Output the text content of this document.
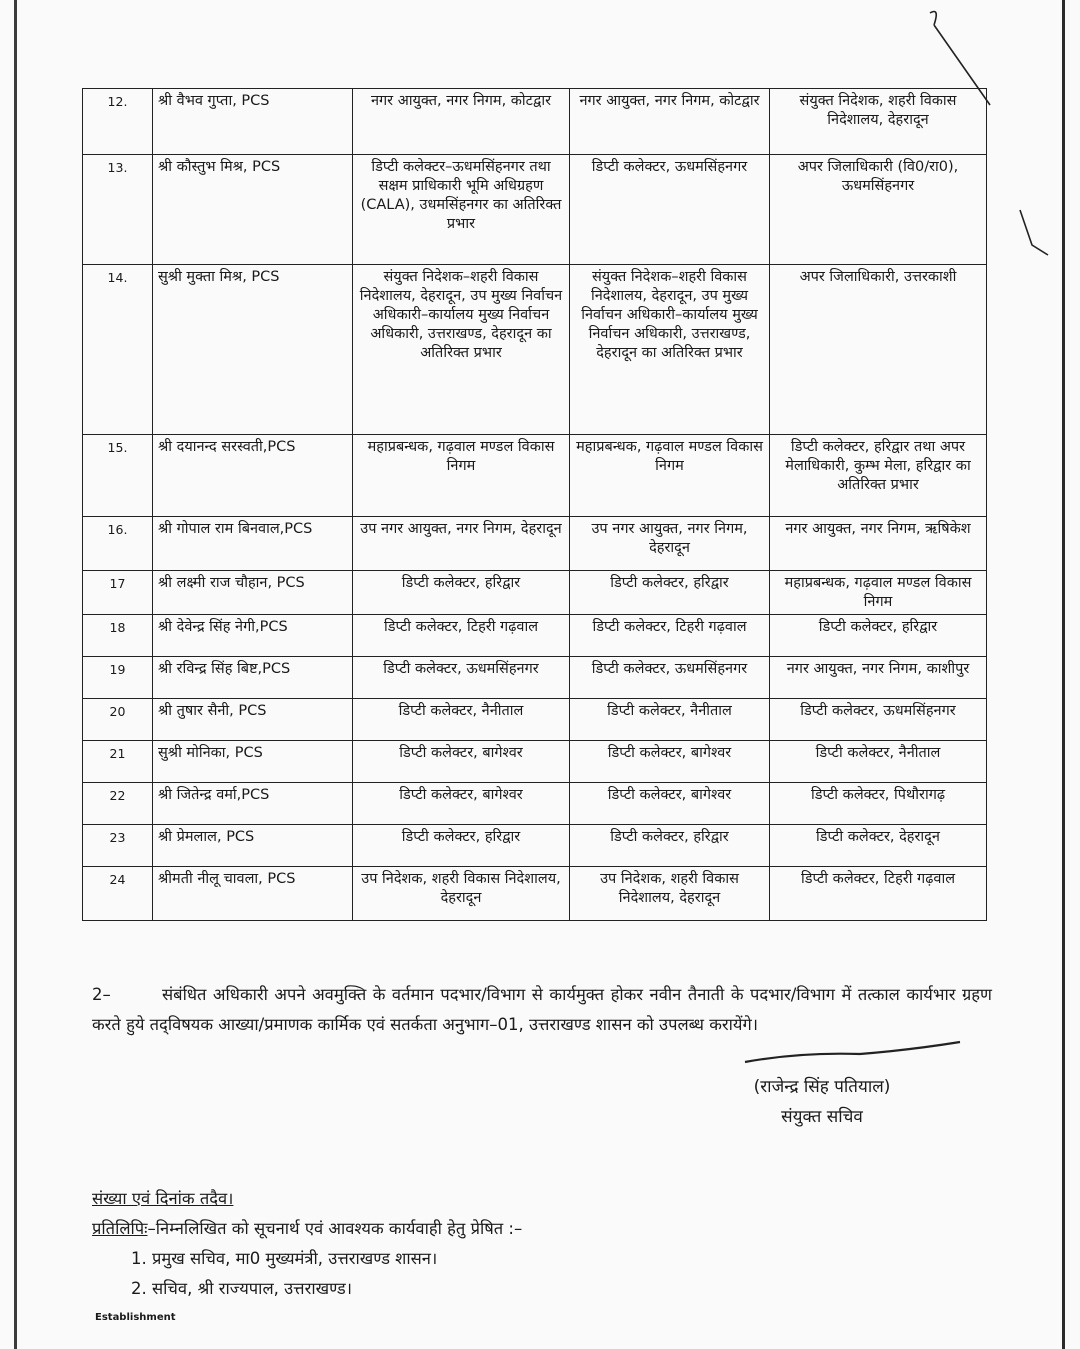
12.	श्री वैभव गुप्ता, PCS	नगर आयुक्त, नगर निगम, कोटद्वार	नगर आयुक्त, नगर निगम, कोटद्वार	संयुक्त निदेशक, शहरी विकास निदेशालय, देहरादून
13.	श्री कौस्तुभ मिश्र, PCS	डिप्टी कलेक्टर–ऊधमसिंहनगर तथा सक्षम प्राधिकारी भूमि अधिग्रहण (CALA), उधमसिंहनगर का अतिरिक्त प्रभार	डिप्टी कलेक्टर, ऊधमसिंहनगर	अपर जिलाधिकारी (वि0/रा0), ऊधमसिंहनगर
14.	सुश्री मुक्ता मिश्र, PCS	संयुक्त निदेशक–शहरी विकास निदेशालय, देहरादून, उप मुख्य निर्वाचन अधिकारी–कार्यालय मुख्य निर्वाचन अधिकारी, उत्तराखण्ड, देहरादून का अतिरिक्त प्रभार	संयुक्त निदेशक–शहरी विकास निदेशालय, देहरादून, उप मुख्य निर्वाचन अधिकारी–कार्यालय मुख्य निर्वाचन अधिकारी, उत्तराखण्ड, देहरादून का अतिरिक्त प्रभार	अपर जिलाधिकारी, उत्तरकाशी
15.	श्री दयानन्द सरस्वती,PCS	महाप्रबन्धक, गढ़वाल मण्डल विकास निगम	महाप्रबन्धक, गढ़वाल मण्डल विकास निगम	डिप्टी कलेक्टर, हरिद्वार तथा अपर मेलाधिकारी, कुम्भ मेला, हरिद्वार का अतिरिक्त प्रभार
16.	श्री गोपाल राम बिनवाल,PCS	उप नगर आयुक्त, नगर निगम, देहरादून	उप नगर आयुक्त, नगर निगम, देहरादून	नगर आयुक्त, नगर निगम, ऋषिकेश
17	श्री लक्ष्मी राज चौहान, PCS	डिप्टी कलेक्टर, हरिद्वार	डिप्टी कलेक्टर, हरिद्वार	महाप्रबन्धक, गढ़वाल मण्डल विकास निगम
18	श्री देवेन्द्र सिंह नेगी,PCS	डिप्टी कलेक्टर, टिहरी गढ़वाल	डिप्टी कलेक्टर, टिहरी गढ़वाल	डिप्टी कलेक्टर, हरिद्वार
19	श्री रविन्द्र सिंह बिष्ट,PCS	डिप्टी कलेक्टर, ऊधमसिंहनगर	डिप्टी कलेक्टर, ऊधमसिंहनगर	नगर आयुक्त, नगर निगम, काशीपुर
20	श्री तुषार सैनी, PCS	डिप्टी कलेक्टर, नैनीताल	डिप्टी कलेक्टर, नैनीताल	डिप्टी कलेक्टर, ऊधमसिंहनगर
21	सुश्री मोनिका, PCS	डिप्टी कलेक्टर, बागेश्वर	डिप्टी कलेक्टर, बागेश्वर	डिप्टी कलेक्टर, नैनीताल
22	श्री जितेन्द्र वर्मा,PCS	डिप्टी कलेक्टर, बागेश्वर	डिप्टी कलेक्टर, बागेश्वर	डिप्टी कलेक्टर, पिथौरागढ़
23	श्री प्रेमलाल, PCS	डिप्टी कलेक्टर, हरिद्वार	डिप्टी कलेक्टर, हरिद्वार	डिप्टी कलेक्टर, देहरादून
24	श्रीमती नीलू चावला, PCS	उप निदेशक, शहरी विकास निदेशालय, देहरादून	उप निदेशक, शहरी विकास निदेशालय, देहरादून	डिप्टी कलेक्टर, टिहरी गढ़वाल
2–	संबंधित अधिकारी अपने अवमुक्ति के वर्तमान पदभार/विभाग से कार्यमुक्त होकर नवीन तैनाती के पदभार/विभाग में तत्काल कार्यभार ग्रहण करते हुये तद्‌विषयक आख्या/प्रमाणक कार्मिक एवं सतर्कता अनुभाग–01, उत्तराखण्ड शासन को उपलब्ध करायेंगे।
(राजेन्द्र सिंह पतियाल)
संयुक्त सचिव
संख्या एवं दिनांक तदैव।
प्रतिलिपिः–निम्नलिखित को सूचनार्थ एवं आवश्यक कार्यवाही हेतु प्रेषित :–
1. प्रमुख सचिव, मा0 मुख्यमंत्री, उत्तराखण्ड शासन।
2. सचिव, श्री राज्यपाल, उत्तराखण्ड।
Establishment
